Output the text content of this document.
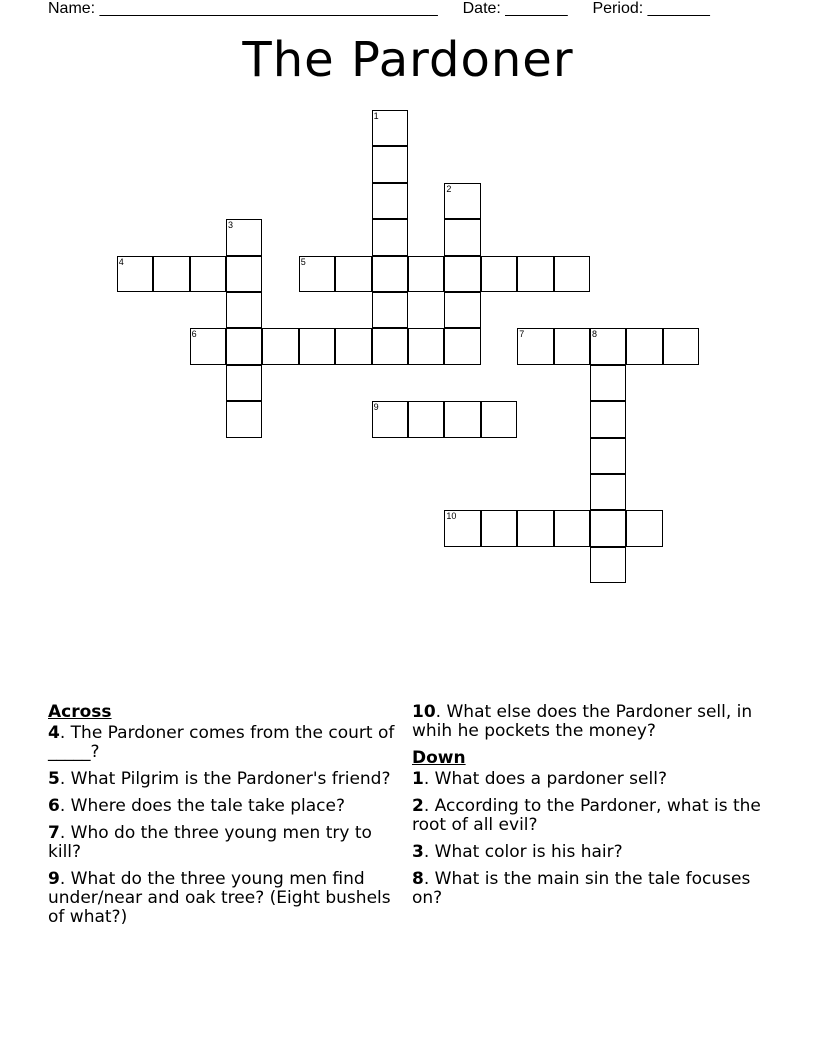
Name: ______________________________________ Date: _______ Period: _______
The Pardoner
1
2
3
4	5
6	7	8
9
10
Across
4. The Pardoner comes from the court of _____?
5. What Pilgrim is the Pardoner's friend?
6. Where does the tale take place?
7. Who do the three young men try to kill?
9. What do the three young men find under/near and oak tree? (Eight bushels of what?)
10. What else does the Pardoner sell, in whih he pockets the money?
Down
1. What does a pardoner sell?
2. According to the Pardoner, what is the root of all evil?
3. What color is his hair?
8. What is the main sin the tale focuses on?
